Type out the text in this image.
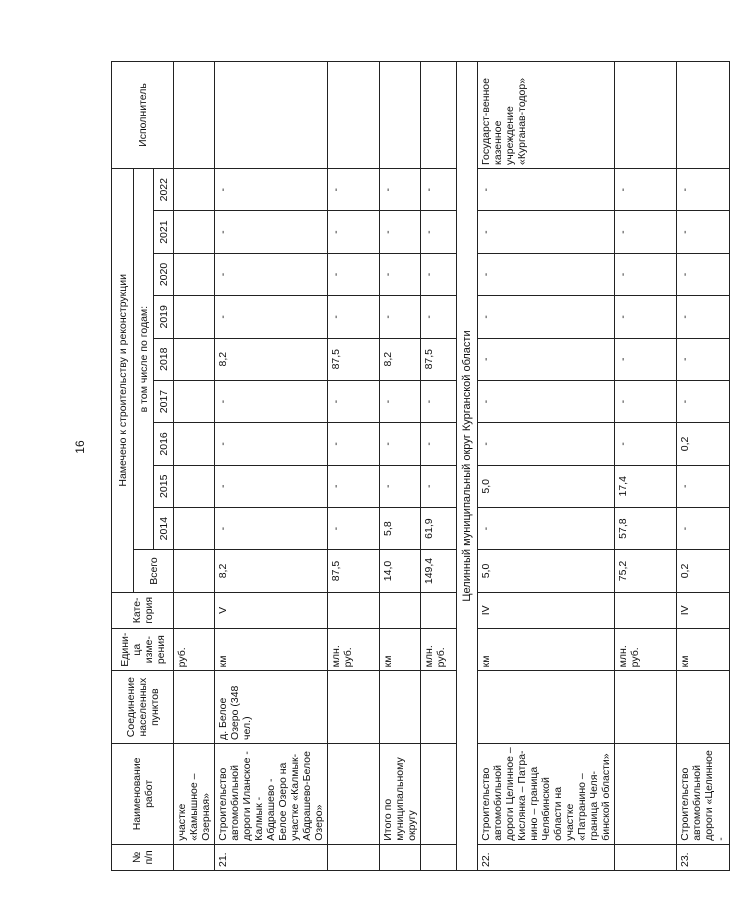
16
№ п/п	Наименование работ	Соединение населенных пунктов	Едини-ца изме-рения	Кате-гория	Намечено к строительству и реконструкции										Исполнитель
					Всего	в том числе по годам:									
						2014	2015	2016	2017	2018	2019	2020	2021	2022	
	участке «Камышное – Озерная»		руб.												
21.	Строительство автомобильной дороги Иланское - Калмык - Абдрашево - Белое Озеро на участке «Калмык-Абдрашево-Белое Озеро»	д. Белое Озеро (348 чел.)	км	V	8,2	-	-	-	-	8,2	-	-	-	-	
			млн. руб.		87,5	-	-	-	-	87,5	-	-	-	-	
	Итого по муниципальному округу		км		14,0	5,8	-	-	-	8,2	-	-	-	-	
			млн. руб.		149,4	61,9	-	-	-	87,5	-	-	-	-	
Целинный муниципальный округ Курганской области															
22.	Строительство автомобильной дороги Целинное – Кислянка – Патра-нино – граница Челябинской области на участке «Патранино – граница Челя-бинской области»		км	IV	5,0	-	5,0	-	-	-	-	-	-	-	Государст-венное казенное учреждение «Курганав-тодор»
			млн. руб.		75,2	57,8	17,4	-	-	-	-	-	-	-	
23.	Строительство автомобильной дороги «Целинное -		км	IV	0,2	-	-	0,2	-	-	-	-	-	-	
